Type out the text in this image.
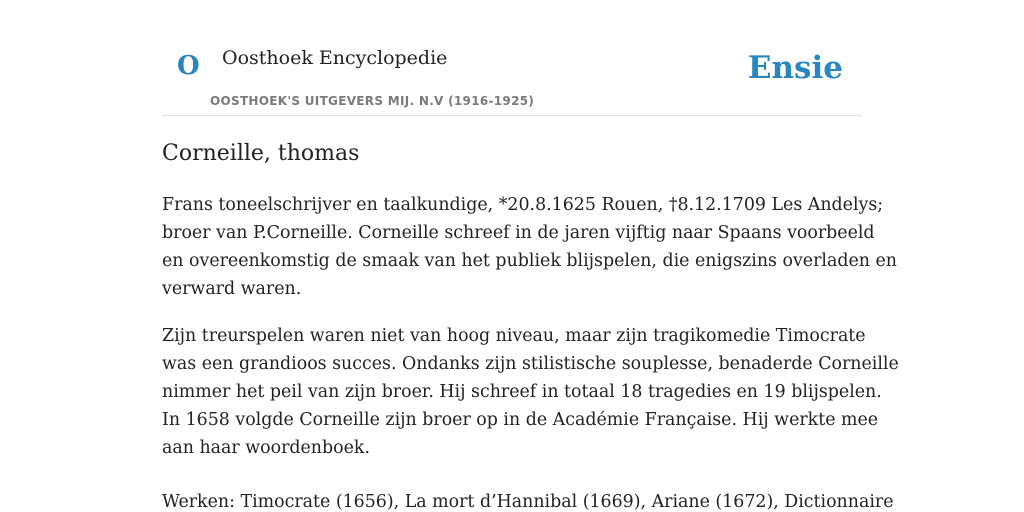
O Oosthoek Encyclopedie
OOSTHOEK'S UITGEVERS MIJ. N.V (1916-1925)
Ensie
Corneille, thomas

Frans toneelschrijver en taalkundige, *20.8.1625 Rouen, †8.12.1709 Les Andelys;
broer van P.Corneille. Corneille schreef in de jaren vijftig naar Spaans voorbeeld
en overeenkomstig de smaak van het publiek blijspelen, die enigszins overladen en
verward waren.

Zijn treurspelen waren niet van hoog niveau, maar zijn tragikomedie Timocrate
was een grandioos succes. Ondanks zijn stilistische souplesse, benaderde Corneille
nimmer het peil van zijn broer. Hij schreef in totaal 18 tragedies en 19 blijspelen.
In 1658 volgde Corneille zijn broer op in de Académie Française. Hij werkte mee
aan haar woordenboek.

Werken: Timocrate (1656), La mort d’Hannibal (1669), Ariane (1672), Dictionnaire
